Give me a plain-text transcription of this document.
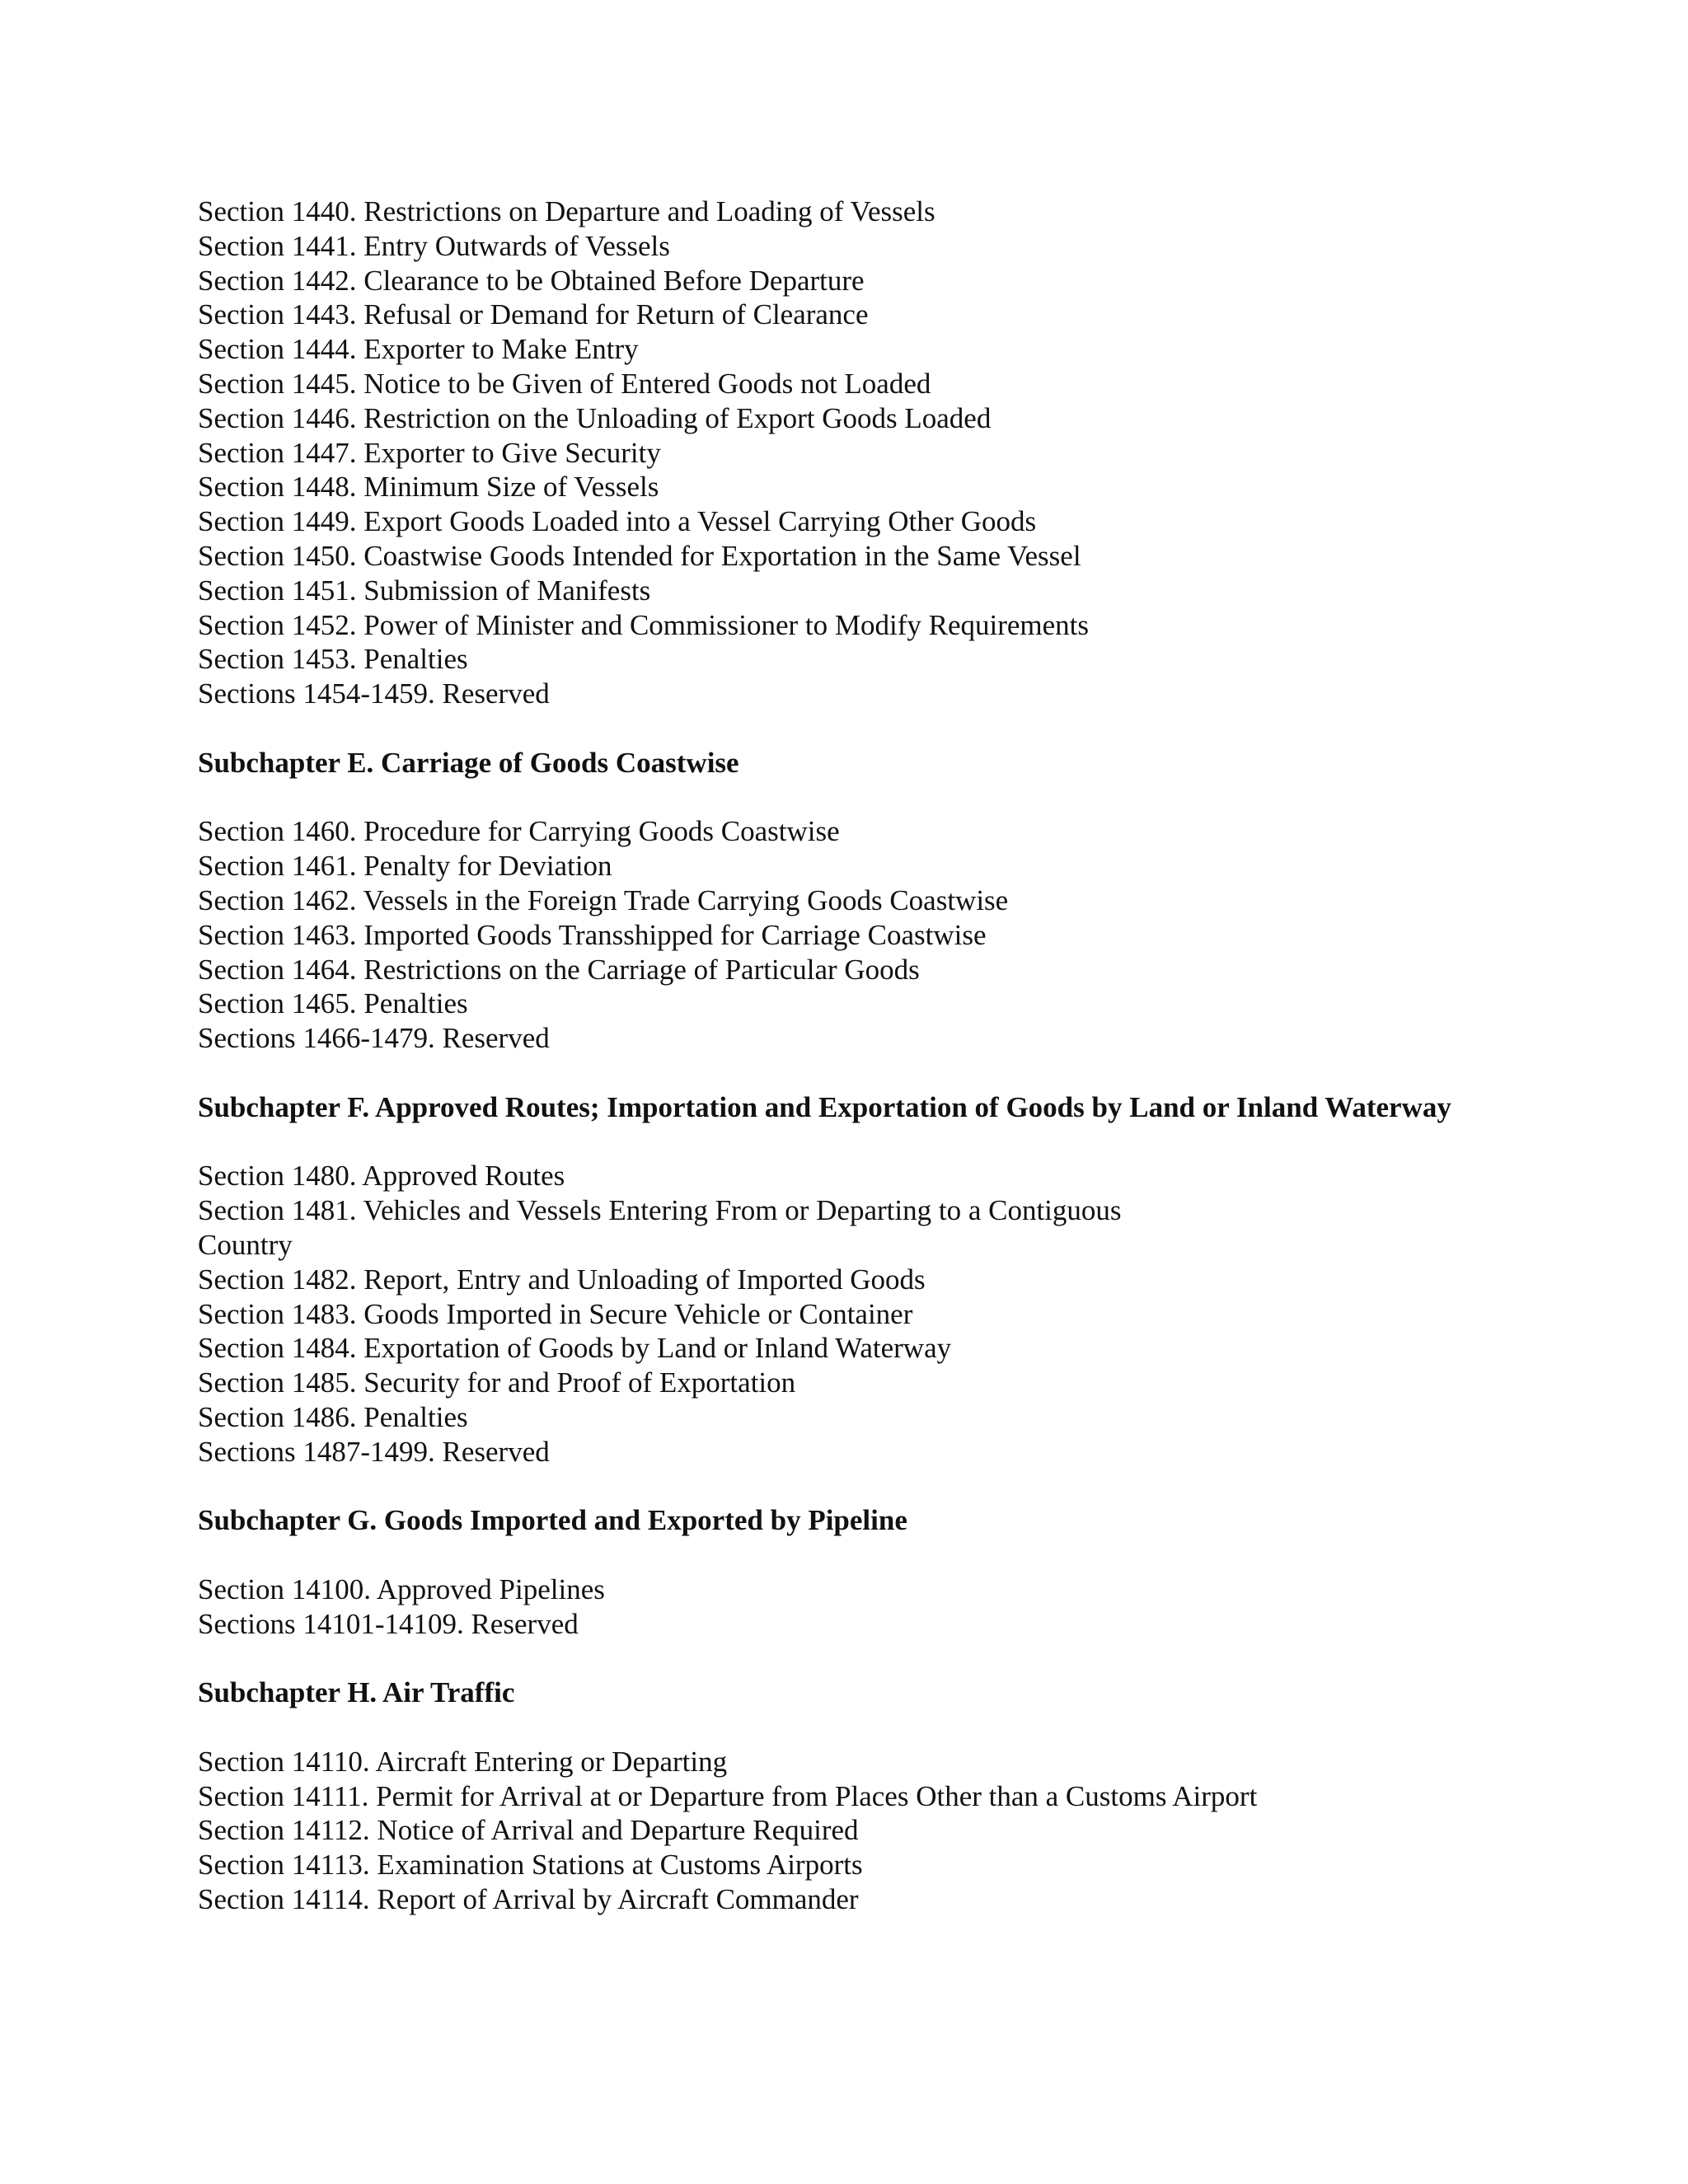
Section 1440. Restrictions on Departure and Loading of Vessels
Section 1441. Entry Outwards of Vessels
Section 1442. Clearance to be Obtained Before Departure
Section 1443. Refusal or Demand for Return of Clearance
Section 1444. Exporter to Make Entry
Section 1445. Notice to be Given of Entered Goods not Loaded
Section 1446. Restriction on the Unloading of Export Goods Loaded
Section 1447. Exporter to Give Security
Section 1448. Minimum Size of Vessels
Section 1449. Export Goods Loaded into a Vessel Carrying Other Goods
Section 1450. Coastwise Goods Intended for Exportation in the Same Vessel
Section 1451. Submission of Manifests
Section 1452. Power of Minister and Commissioner to Modify Requirements
Section 1453. Penalties
Sections 1454-1459. Reserved
Subchapter E. Carriage of Goods Coastwise
Section 1460. Procedure for Carrying Goods Coastwise
Section 1461. Penalty for Deviation
Section 1462. Vessels in the Foreign Trade Carrying Goods Coastwise
Section 1463. Imported Goods Transshipped for Carriage Coastwise
Section 1464. Restrictions on the Carriage of Particular Goods
Section 1465. Penalties
Sections 1466-1479. Reserved
Subchapter F. Approved Routes; Importation and Exportation of Goods by Land or Inland Waterway
Section 1480. Approved Routes
Section 1481. Vehicles and Vessels Entering From or Departing to a Contiguous
Country
Section 1482. Report, Entry and Unloading of Imported Goods
Section 1483. Goods Imported in Secure Vehicle or Container
Section 1484. Exportation of Goods by Land or Inland Waterway
Section 1485. Security for and Proof of Exportation
Section 1486. Penalties
Sections 1487-1499. Reserved
Subchapter G. Goods Imported and Exported by Pipeline
Section 14100. Approved Pipelines
Sections 14101-14109. Reserved
Subchapter H. Air Traffic
Section 14110. Aircraft Entering or Departing
Section 14111. Permit for Arrival at or Departure from Places Other than a Customs Airport
Section 14112. Notice of Arrival and Departure Required
Section 14113. Examination Stations at Customs Airports
Section 14114. Report of Arrival by Aircraft Commander
